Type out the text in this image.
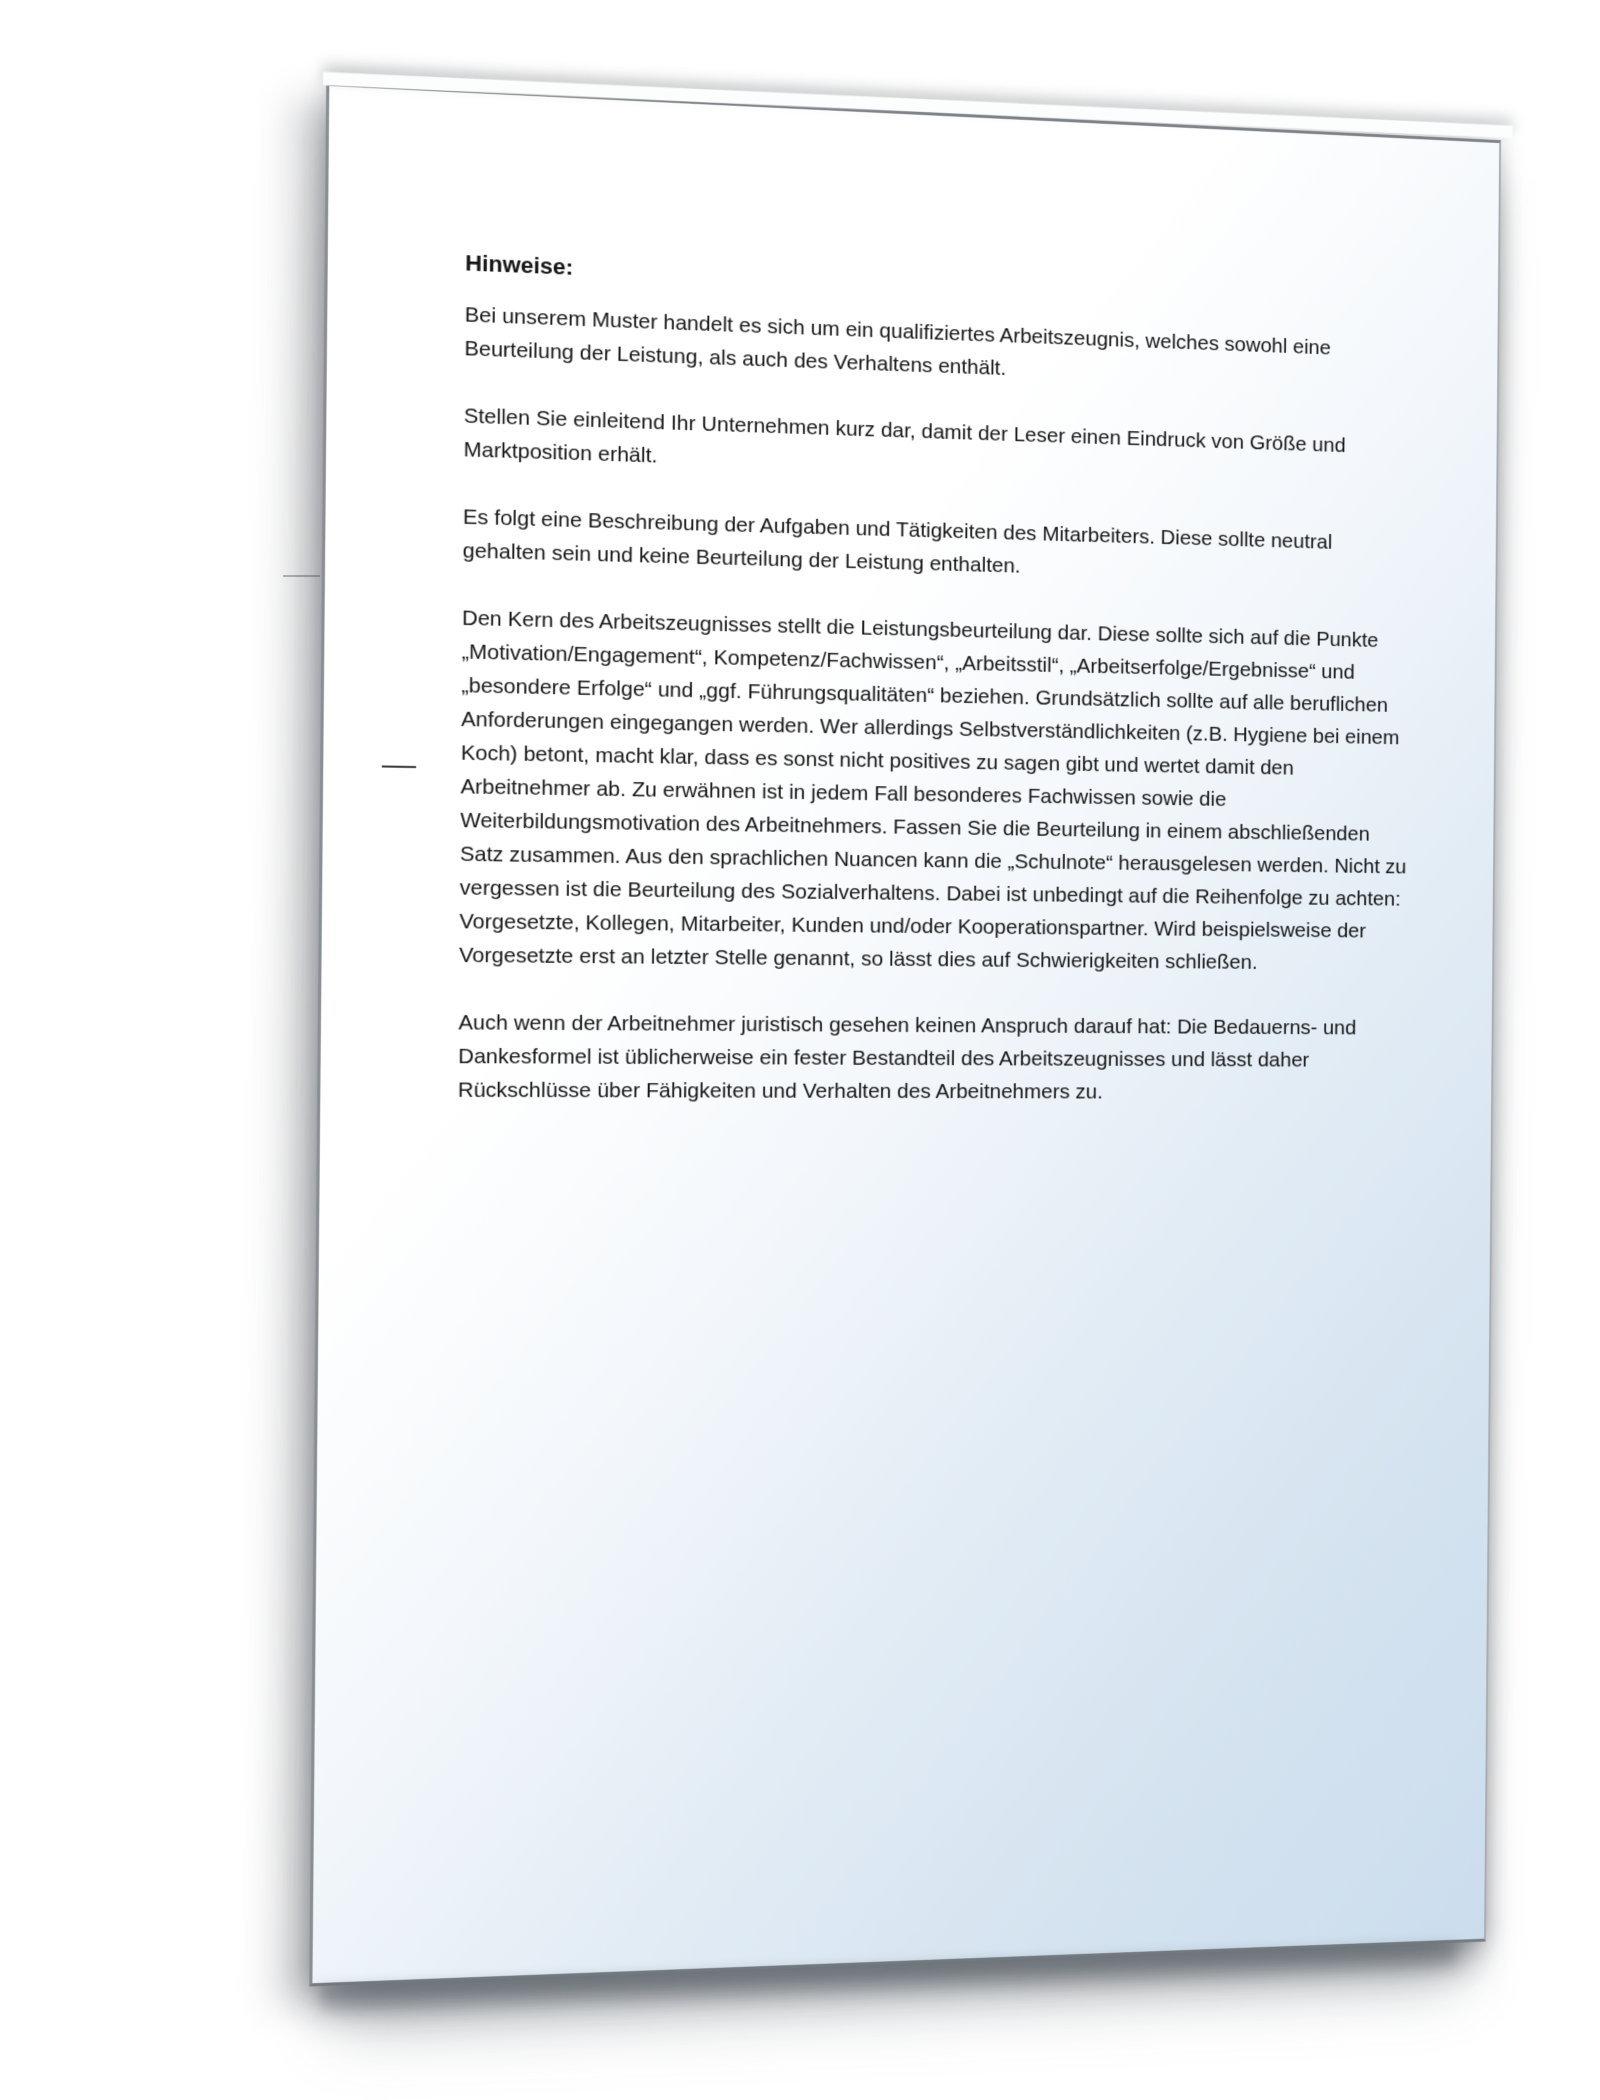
Hinweise:

Bei unserem Muster handelt es sich um ein qualifiziertes Arbeitszeugnis, welches sowohl eine Beurteilung der Leistung, als auch des Verhaltens enthält.

Stellen Sie einleitend Ihr Unternehmen kurz dar, damit der Leser einen Eindruck von Größe und Marktposition erhält.

Es folgt eine Beschreibung der Aufgaben und Tätigkeiten des Mitarbeiters. Diese sollte neutral gehalten sein und keine Beurteilung der Leistung enthalten.

Den Kern des Arbeitszeugnisses stellt die Leistungsbeurteilung dar. Diese sollte sich auf die Punkte „Motivation/Engagement“, Kompetenz/Fachwissen“, „Arbeitsstil“, „Arbeitserfolge/Ergebnisse“ und „besondere Erfolge“ und „ggf. Führungsqualitäten“ beziehen. Grundsätzlich sollte auf alle beruflichen Anforderungen eingegangen werden. Wer allerdings Selbstverständlichkeiten (z.B. Hygiene bei einem Koch) betont, macht klar, dass es sonst nicht positives zu sagen gibt und wertet damit den Arbeitnehmer ab. Zu erwähnen ist in jedem Fall besonderes Fachwissen sowie die Weiterbildungsmotivation des Arbeitnehmers. Fassen Sie die Beurteilung in einem abschließenden Satz zusammen. Aus den sprachlichen Nuancen kann die „Schulnote“ herausgelesen werden. Nicht zu vergessen ist die Beurteilung des Sozialverhaltens. Dabei ist unbedingt auf die Reihenfolge zu achten: Vorgesetzte, Kollegen, Mitarbeiter, Kunden und/oder Kooperationspartner. Wird beispielsweise der Vorgesetzte erst an letzter Stelle genannt, so lässt dies auf Schwierigkeiten schließen.

Auch wenn der Arbeitnehmer juristisch gesehen keinen Anspruch darauf hat: Die Bedauerns- und Dankesformel ist üblicherweise ein fester Bestandteil des Arbeitszeugnisses und lässt daher Rückschlüsse über Fähigkeiten und Verhalten des Arbeitnehmers zu.
